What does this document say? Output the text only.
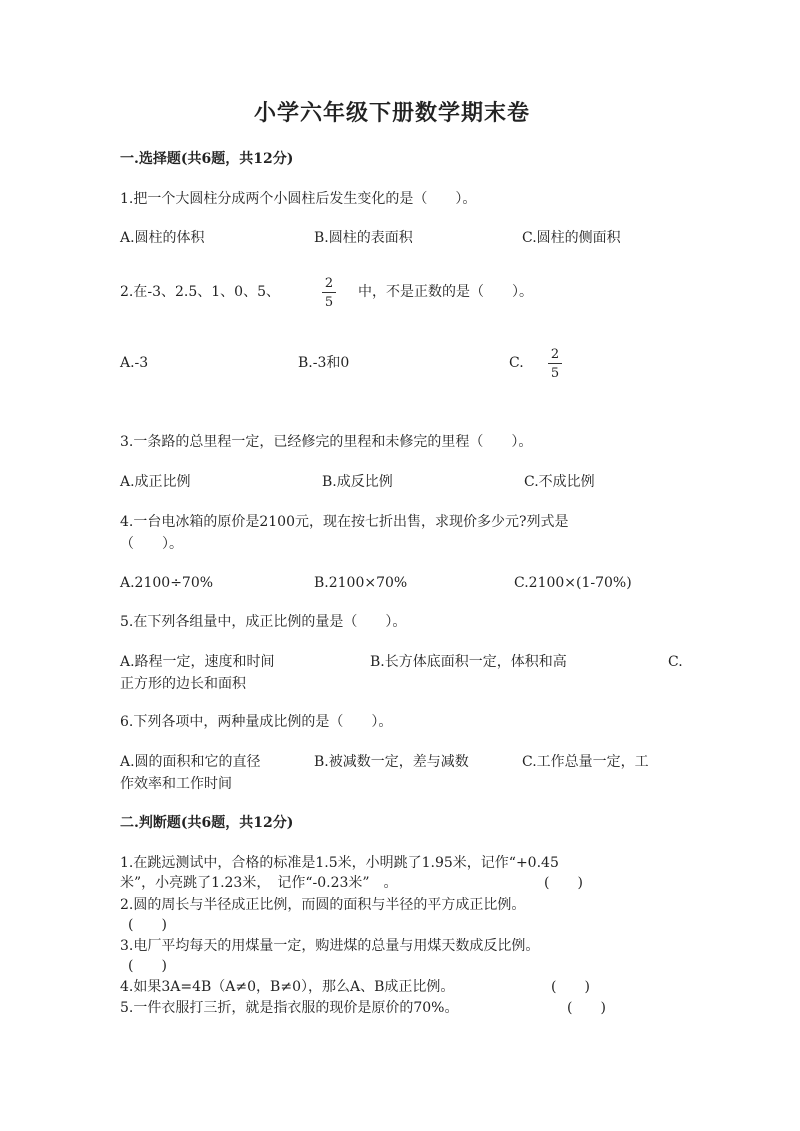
小学六年级下册数学期末卷
一.选择题(共6题，共12分)
1.把一个大圆柱分成两个小圆柱后发生变化的是（　　）。
A.圆柱的体积	B.圆柱的表面积	C.圆柱的侧面积
2.在-3、2.5、1、0、5、
2
5
中，不是正数的是（　　）。
A.-3	B.-3和0	C.
2
5
3.一条路的总里程一定，已经修完的里程和未修完的里程（　　）。
A.成正比例	B.成反比例	C.不成比例
4.一台电冰箱的原价是2100元，现在按七折出售，求现价多少元?列式是
（　　）。
A.2100÷70%	B.2100×70%	C.2100×(1-70%)
5.在下列各组量中，成正比例的量是（　　）。
A.路程一定，速度和时间	B.长方体底面积一定，体积和高	C.
正方形的边长和面积
6.下列各项中，两种量成比例的是（　　）。
A.圆的面积和它的直径	B.被减数一定，差与减数	C.工作总量一定，工
作效率和工作时间
二.判断题(共6题，共12分)
1.在跳远测试中，合格的标准是1.5米，小明跳了1.95米，记作“+0.45
米”，小亮跳了1.23米，　记作“-0.23米”　。	(　　)
2.圆的周长与半径成正比例，而圆的面积与半径的平方成正比例。
(　　)
3.电厂平均每天的用煤量一定，购进煤的总量与用煤天数成反比例。
(　　)
4.如果3A=4B（A≠0，B≠0），那么A、B成正比例。	(　　)
5.一件衣服打三折，就是指衣服的现价是原价的70%。	(　　)
